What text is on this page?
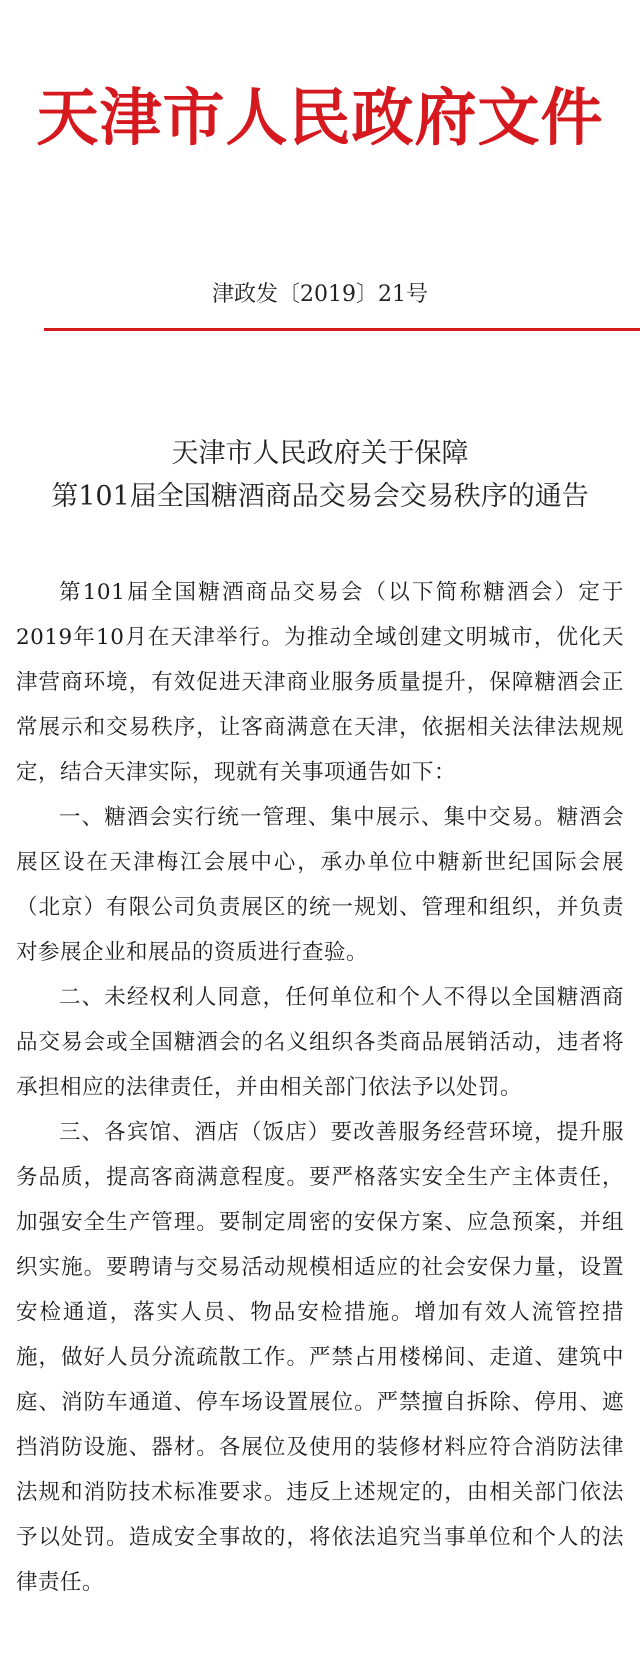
天津市人民政府文件
津政发〔2019〕21号
天津市人民政府关于保障
第101届全国糖酒商品交易会交易秩序的通告

第101届全国糖酒商品交易会（以下简称糖酒会）定于2019年10月在天津举行。为推动全域创建文明城市，优化天津营商环境，有效促进天津商业服务质量提升，保障糖酒会正常展示和交易秩序，让客商满意在天津，依据相关法律法规规定，结合天津实际，现就有关事项通告如下：

一、糖酒会实行统一管理、集中展示、集中交易。糖酒会展区设在天津梅江会展中心，承办单位中糖新世纪国际会展（北京）有限公司负责展区的统一规划、管理和组织，并负责对参展企业和展品的资质进行查验。

二、未经权利人同意，任何单位和个人不得以全国糖酒商品交易会或全国糖酒会的名义组织各类商品展销活动，违者将承担相应的法律责任，并由相关部门依法予以处罚。

三、各宾馆、酒店（饭店）要改善服务经营环境，提升服务品质，提高客商满意程度。要严格落实安全生产主体责任，加强安全生产管理。要制定周密的安保方案、应急预案，并组织实施。要聘请与交易活动规模相适应的社会安保力量，设置安检通道，落实人员、物品安检措施。增加有效人流管控措施，做好人员分流疏散工作。严禁占用楼梯间、走道、建筑中庭、消防车通道、停车场设置展位。严禁擅自拆除、停用、遮挡消防设施、器材。各展位及使用的装修材料应符合消防法律法规和消防技术标准要求。违反上述规定的，由相关部门依法予以处罚。造成安全事故的，将依法追究当事单位和个人的法律责任。
